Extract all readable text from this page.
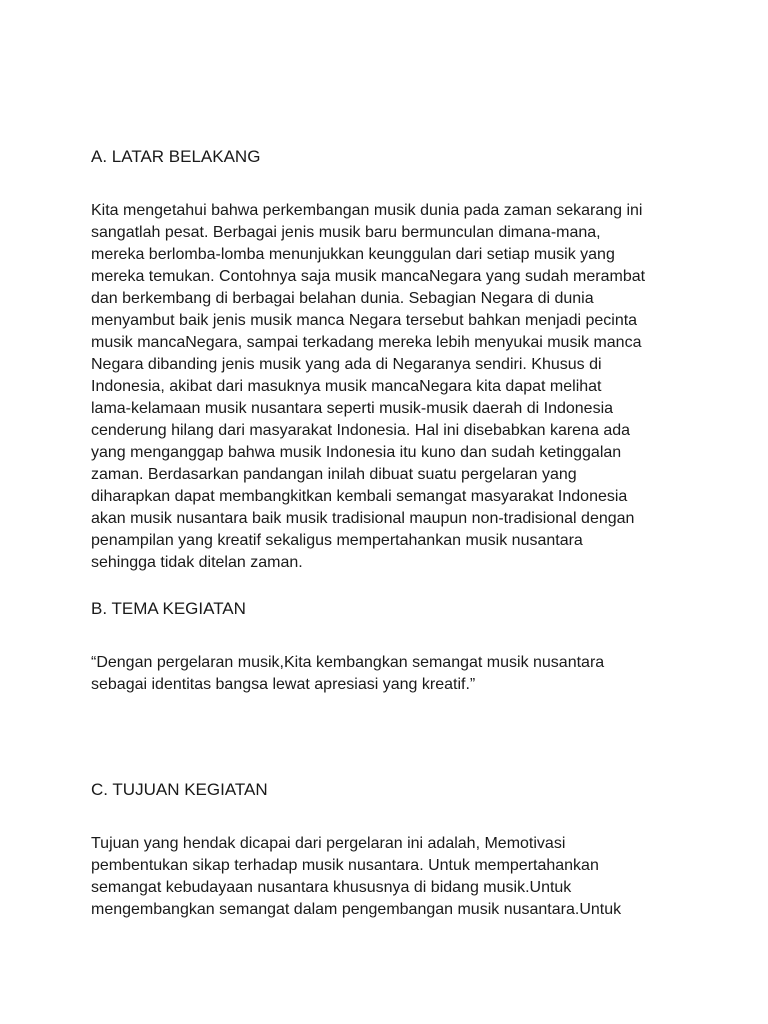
A. LATAR BELAKANG
Kita mengetahui bahwa perkembangan musik dunia pada zaman sekarang ini
sangatlah pesat. Berbagai jenis musik baru bermunculan dimana-mana,
mereka berlomba-lomba menunjukkan keunggulan dari setiap musik yang
mereka temukan. Contohnya saja musik mancaNegara yang sudah merambat
dan berkembang di berbagai belahan dunia. Sebagian Negara di dunia
menyambut baik jenis musik manca Negara tersebut bahkan menjadi pecinta
musik mancaNegara, sampai terkadang mereka lebih menyukai musik manca
Negara dibanding jenis musik yang ada di Negaranya sendiri. Khusus di
Indonesia, akibat dari masuknya musik mancaNegara kita dapat melihat
lama-kelamaan musik nusantara seperti musik-musik daerah di Indonesia
cenderung hilang dari masyarakat Indonesia. Hal ini disebabkan karena ada
yang menganggap bahwa musik Indonesia itu kuno dan sudah ketinggalan
zaman. Berdasarkan pandangan inilah dibuat suatu pergelaran yang
diharapkan dapat membangkitkan kembali semangat masyarakat Indonesia
akan musik nusantara baik musik tradisional maupun non-tradisional dengan
penampilan yang kreatif sekaligus mempertahankan musik nusantara
sehingga tidak ditelan zaman.
B. TEMA KEGIATAN
“Dengan pergelaran musik,Kita kembangkan semangat musik nusantara
sebagai identitas bangsa lewat apresiasi yang kreatif.”
C. TUJUAN KEGIATAN
Tujuan yang hendak dicapai dari pergelaran ini adalah, Memotivasi
pembentukan sikap terhadap musik nusantara. Untuk mempertahankan
semangat kebudayaan nusantara khususnya di bidang musik.Untuk
mengembangkan semangat dalam pengembangan musik nusantara.Untuk
